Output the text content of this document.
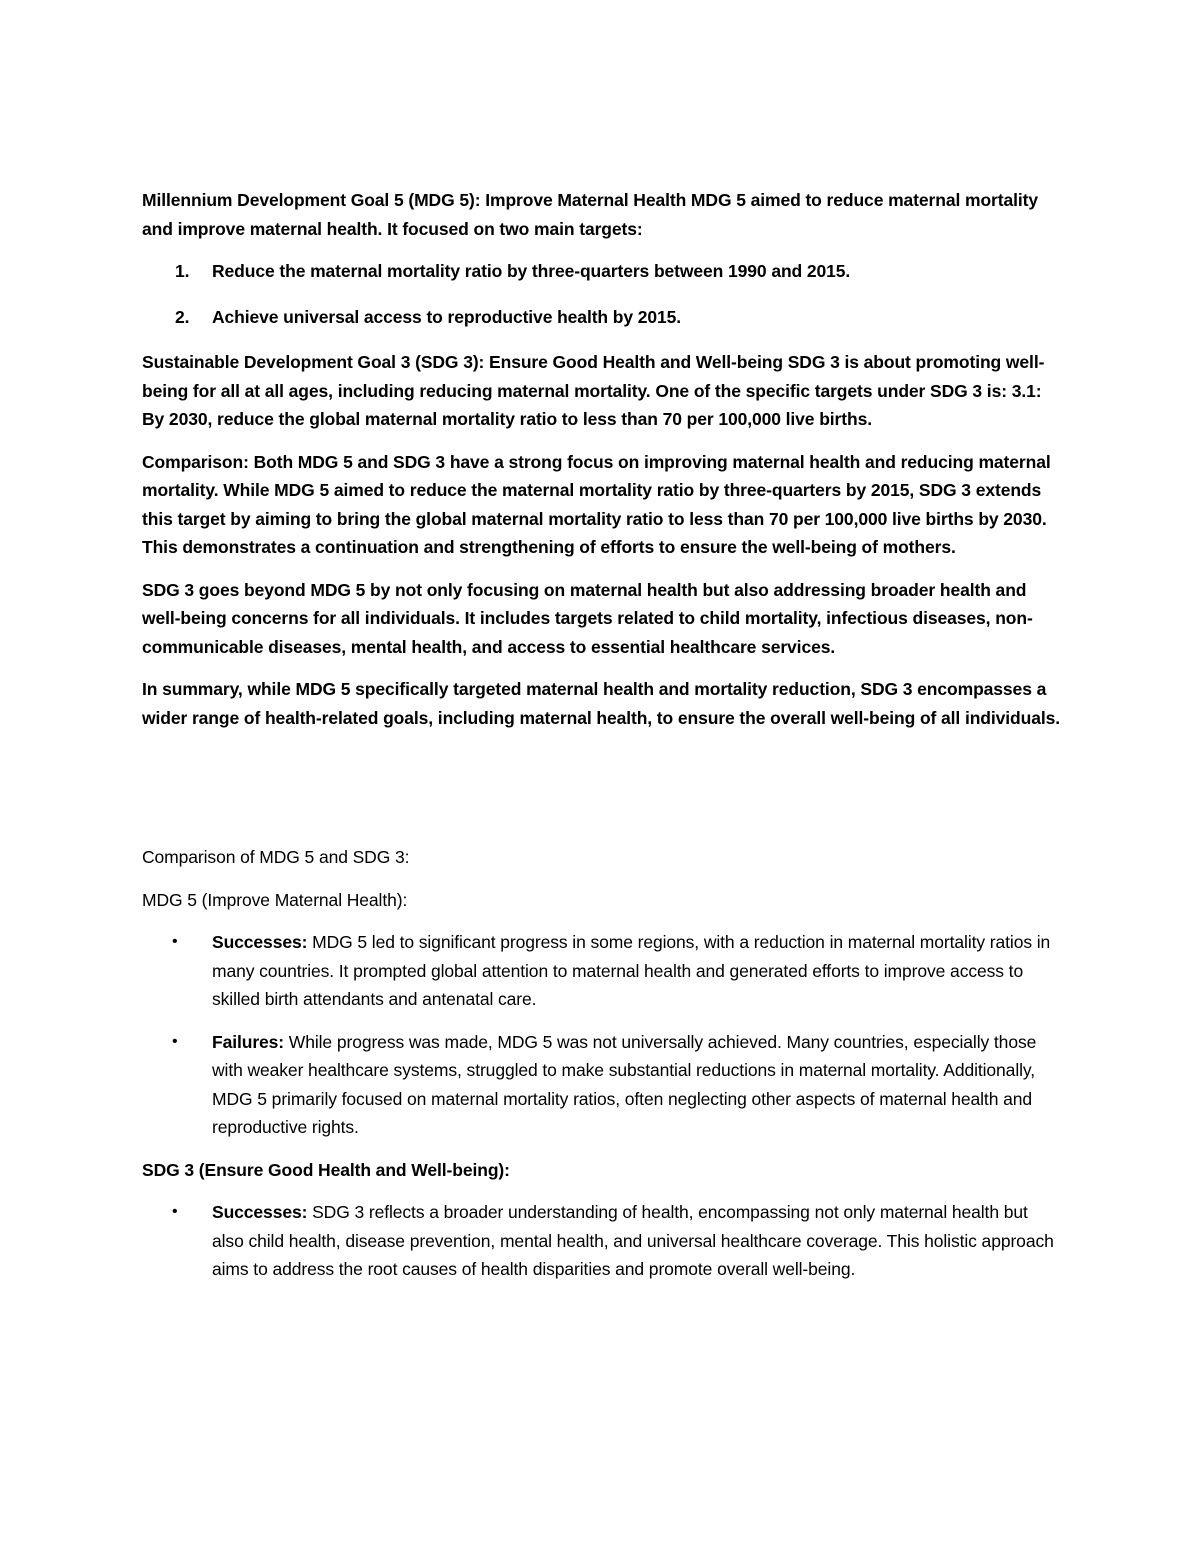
Millennium Development Goal 5 (MDG 5): Improve Maternal Health MDG 5 aimed to reduce maternal mortality and improve maternal health. It focused on two main targets:

1. Reduce the maternal mortality ratio by three-quarters between 1990 and 2015.
2. Achieve universal access to reproductive health by 2015.

Sustainable Development Goal 3 (SDG 3): Ensure Good Health and Well-being SDG 3 is about promoting well-being for all at all ages, including reducing maternal mortality. One of the specific targets under SDG 3 is: 3.1: By 2030, reduce the global maternal mortality ratio to less than 70 per 100,000 live births.

Comparison: Both MDG 5 and SDG 3 have a strong focus on improving maternal health and reducing maternal mortality. While MDG 5 aimed to reduce the maternal mortality ratio by three-quarters by 2015, SDG 3 extends this target by aiming to bring the global maternal mortality ratio to less than 70 per 100,000 live births by 2030. This demonstrates a continuation and strengthening of efforts to ensure the well-being of mothers.

SDG 3 goes beyond MDG 5 by not only focusing on maternal health but also addressing broader health and well-being concerns for all individuals. It includes targets related to child mortality, infectious diseases, non-communicable diseases, mental health, and access to essential healthcare services.

In summary, while MDG 5 specifically targeted maternal health and mortality reduction, SDG 3 encompasses a wider range of health-related goals, including maternal health, to ensure the overall well-being of all individuals.

Comparison of MDG 5 and SDG 3:

MDG 5 (Improve Maternal Health):

• Successes: MDG 5 led to significant progress in some regions, with a reduction in maternal mortality ratios in many countries. It prompted global attention to maternal health and generated efforts to improve access to skilled birth attendants and antenatal care.
• Failures: While progress was made, MDG 5 was not universally achieved. Many countries, especially those with weaker healthcare systems, struggled to make substantial reductions in maternal mortality. Additionally, MDG 5 primarily focused on maternal mortality ratios, often neglecting other aspects of maternal health and reproductive rights.

SDG 3 (Ensure Good Health and Well-being):

• Successes: SDG 3 reflects a broader understanding of health, encompassing not only maternal health but also child health, disease prevention, mental health, and universal healthcare coverage. This holistic approach aims to address the root causes of health disparities and promote overall well-being.
